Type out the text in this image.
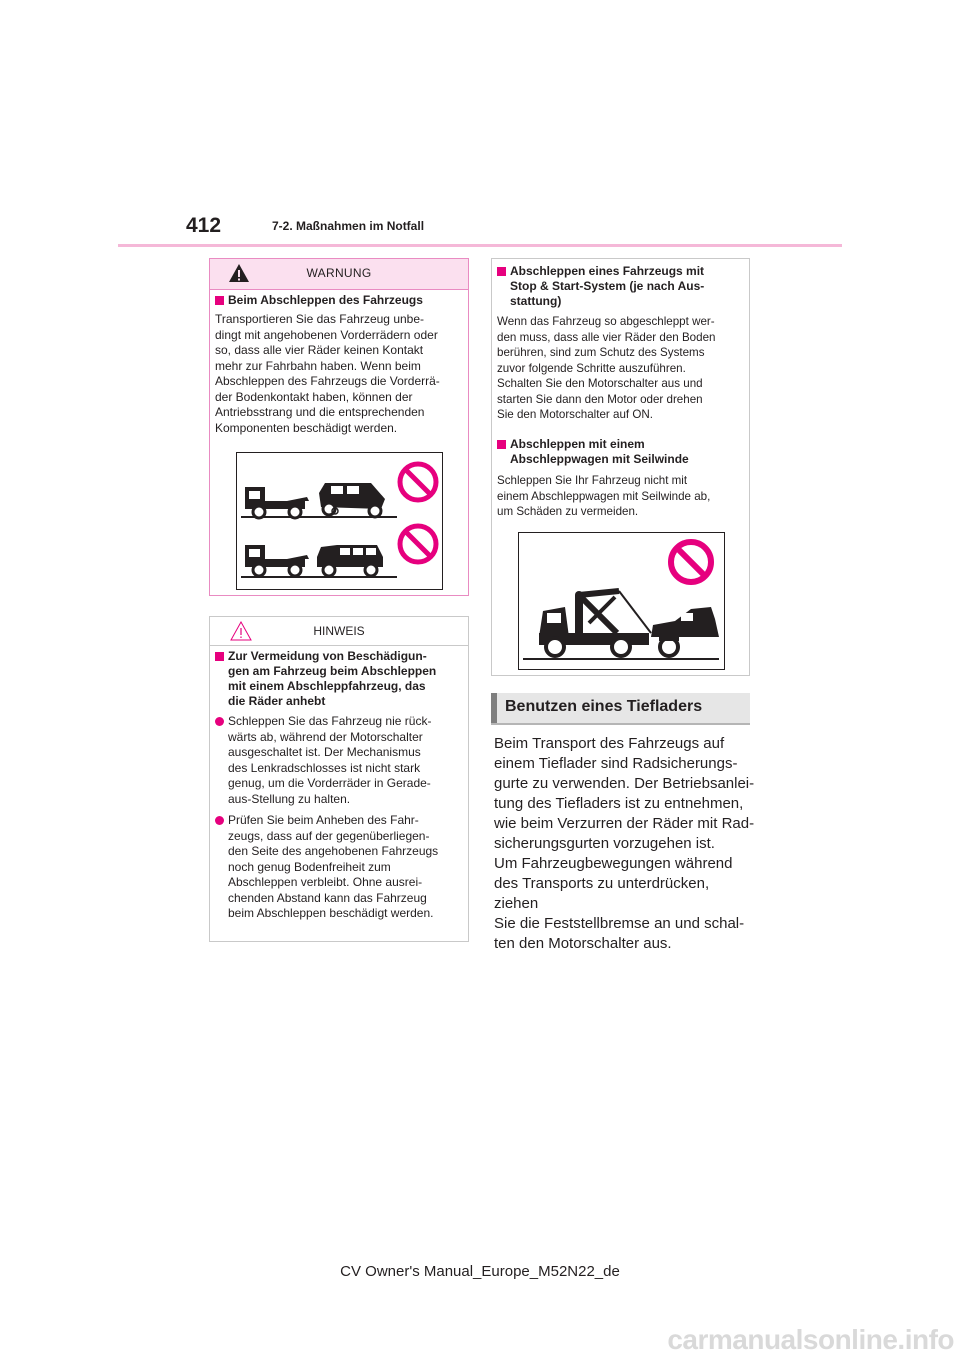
412	7-2. Maßnahmen im Notfall
WARNUNG
Beim Abschleppen des Fahrzeugs
Transportieren Sie das Fahrzeug unbe-
dingt mit angehobenen Vorderrädern oder
so, dass alle vier Räder keinen Kontakt
mehr zur Fahrbahn haben. Wenn beim
Abschleppen des Fahrzeugs die Vorderrä-
der Bodenkontakt haben, können der
Antriebsstrang und die entsprechenden
Komponenten beschädigt werden.
HINWEIS
Zur Vermeidung von Beschädigun-
gen am Fahrzeug beim Abschleppen
mit einem Abschleppfahrzeug, das
die Räder anhebt
Schleppen Sie das Fahrzeug nie rück-
wärts ab, während der Motorschalter
ausgeschaltet ist. Der Mechanismus
des Lenkradschlosses ist nicht stark
genug, um die Vorderräder in Gerade-
aus-Stellung zu halten.
Prüfen Sie beim Anheben des Fahr-
zeugs, dass auf der gegenüberliegen-
den Seite des angehobenen Fahrzeugs
noch genug Bodenfreiheit zum
Abschleppen verbleibt. Ohne ausrei-
chenden Abstand kann das Fahrzeug
beim Abschleppen beschädigt werden.
Abschleppen eines Fahrzeugs mit
Stop & Start-System (je nach Aus-
stattung)
Wenn das Fahrzeug so abgeschleppt wer-
den muss, dass alle vier Räder den Boden
berühren, sind zum Schutz des Systems
zuvor folgende Schritte auszuführen.
Schalten Sie den Motorschalter aus und
starten Sie dann den Motor oder drehen
Sie den Motorschalter auf ON.
Abschleppen mit einem
Abschleppwagen mit Seilwinde
Schleppen Sie Ihr Fahrzeug nicht mit
einem Abschleppwagen mit Seilwinde ab,
um Schäden zu vermeiden.
Benutzen eines Tiefladers
Beim Transport des Fahrzeugs auf
einem Tieflader sind Radsicherungs-
gurte zu verwenden. Der Betriebsanlei-
tung des Tiefladers ist zu entnehmen,
wie beim Verzurren der Räder mit Rad-
sicherungsgurten vorzugehen ist.
Um Fahrzeugbewegungen während
des Transports zu unterdrücken, ziehen
Sie die Feststellbremse an und schal-
ten den Motorschalter aus.
CV Owner's Manual_Europe_M52N22_de
carmanualsonline.info
